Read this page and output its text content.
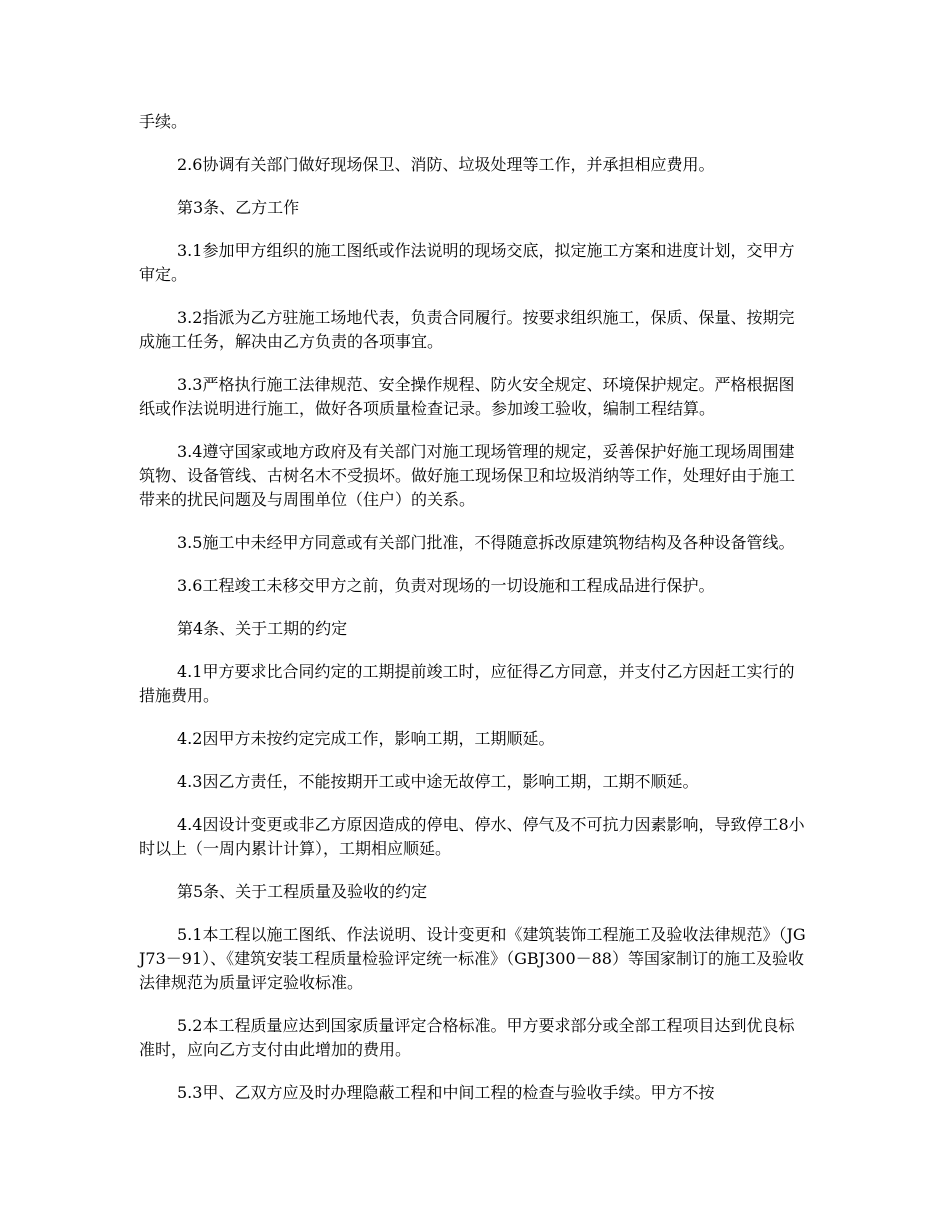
手续。

2.6协调有关部门做好现场保卫、消防、垃圾处理等工作，并承担相应费用。

第3条、乙方工作

3.1参加甲方组织的施工图纸或作法说明的现场交底，拟定施工方案和进度计划，交甲方审定。

3.2指派为乙方驻施工场地代表，负责合同履行。按要求组织施工，保质、保量、按期完成施工任务，解决由乙方负责的各项事宜。

3.3严格执行施工法律规范、安全操作规程、防火安全规定、环境保护规定。严格根据图纸或作法说明进行施工，做好各项质量检查记录。参加竣工验收，编制工程结算。

3.4遵守国家或地方政府及有关部门对施工现场管理的规定，妥善保护好施工现场周围建筑物、设备管线、古树名木不受损坏。做好施工现场保卫和垃圾消纳等工作，处理好由于施工带来的扰民问题及与周围单位（住户）的关系。

3.5施工中未经甲方同意或有关部门批准，不得随意拆改原建筑物结构及各种设备管线。

3.6工程竣工未移交甲方之前，负责对现场的一切设施和工程成品进行保护。

第4条、关于工期的约定

4.1甲方要求比合同约定的工期提前竣工时，应征得乙方同意，并支付乙方因赶工实行的措施费用。

4.2因甲方未按约定完成工作，影响工期，工期顺延。

4.3因乙方责任，不能按期开工或中途无故停工，影响工期，工期不顺延。

4.4因设计变更或非乙方原因造成的停电、停水、停气及不可抗力因素影响，导致停工8小时以上（一周内累计计算），工期相应顺延。

第5条、关于工程质量及验收的约定

5.1本工程以施工图纸、作法说明、设计变更和《建筑装饰工程施工及验收法律规范》（JGJ73－91）、《建筑安装工程质量检验评定统一标准》（GBJ300－88）等国家制订的施工及验收法律规范为质量评定验收标准。

5.2本工程质量应达到国家质量评定合格标准。甲方要求部分或全部工程项目达到优良标准时，应向乙方支付由此增加的费用。

5.3甲、乙双方应及时办理隐蔽工程和中间工程的检查与验收手续。甲方不按
